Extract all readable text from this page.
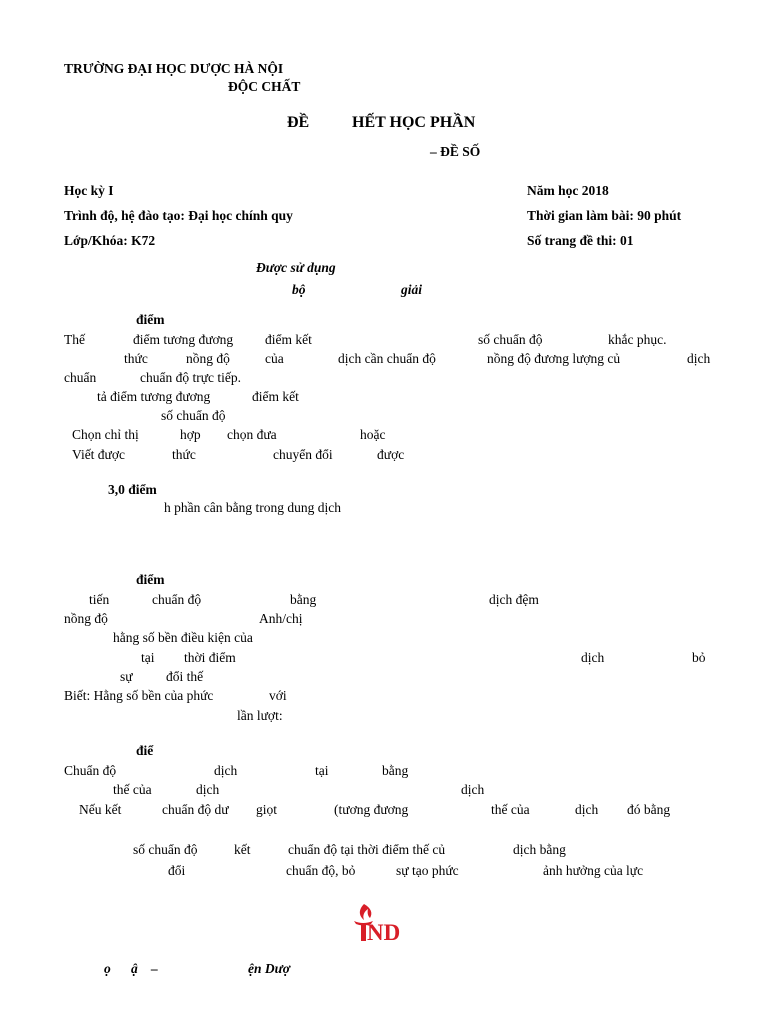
TRƯỜNG ĐẠI HỌC DƯỢC HÀ NỘI
ĐỘC CHẤT
ĐỀ	HẾT HỌC PHẦN
– ĐỀ SỐ
Học kỳ I	Năm học 2018
Trình độ, hệ đào tạo: Đại học chính quy	Thời gian làm bài: 90 phút
Lớp/Khóa: K72	Số trang đề thi: 01
Được sử dụng
bộ	giải
điểm
Thế	điểm tương đương điểm kết	số chuẩn độ	khắc phục.
thức	nồng độ	của	dịch cần chuẩn độ	nồng độ đương lượng củ	dịch
chuẩn	chuẩn độ trực tiếp.
tả điểm tương đương	điểm kết
số chuẩn độ
Chọn chỉ thị	hợp chọn đưa	hoặc
Viết được	thức	chuyển đổi	được
3,0 điểm
h phần cân bằng trong dung dịch
điểm
tiến	chuẩn độ	bằng	dịch đệm
nồng độ	Anh/chị
hằng số bền điều kiện của
tại thời điểm	dịch	bỏ
sự đổi thế
Biết: Hằng số bền của phức	với
lần lượt:
điể
Chuẩn độ	dịch	tại	bằng
thế của	dịch	dịch
Nếu kết	chuẩn độ dư giọt	(tương đương	thế của	dịch đó bằng
số chuẩn độ	kết	chuẩn độ tại thời điểm thế củ	dịch bằng
đổi	chuẩn độ, bỏ	sự tạo phức	ảnh hưởng của lực
ND
ọ ậ –	ện Dượ
